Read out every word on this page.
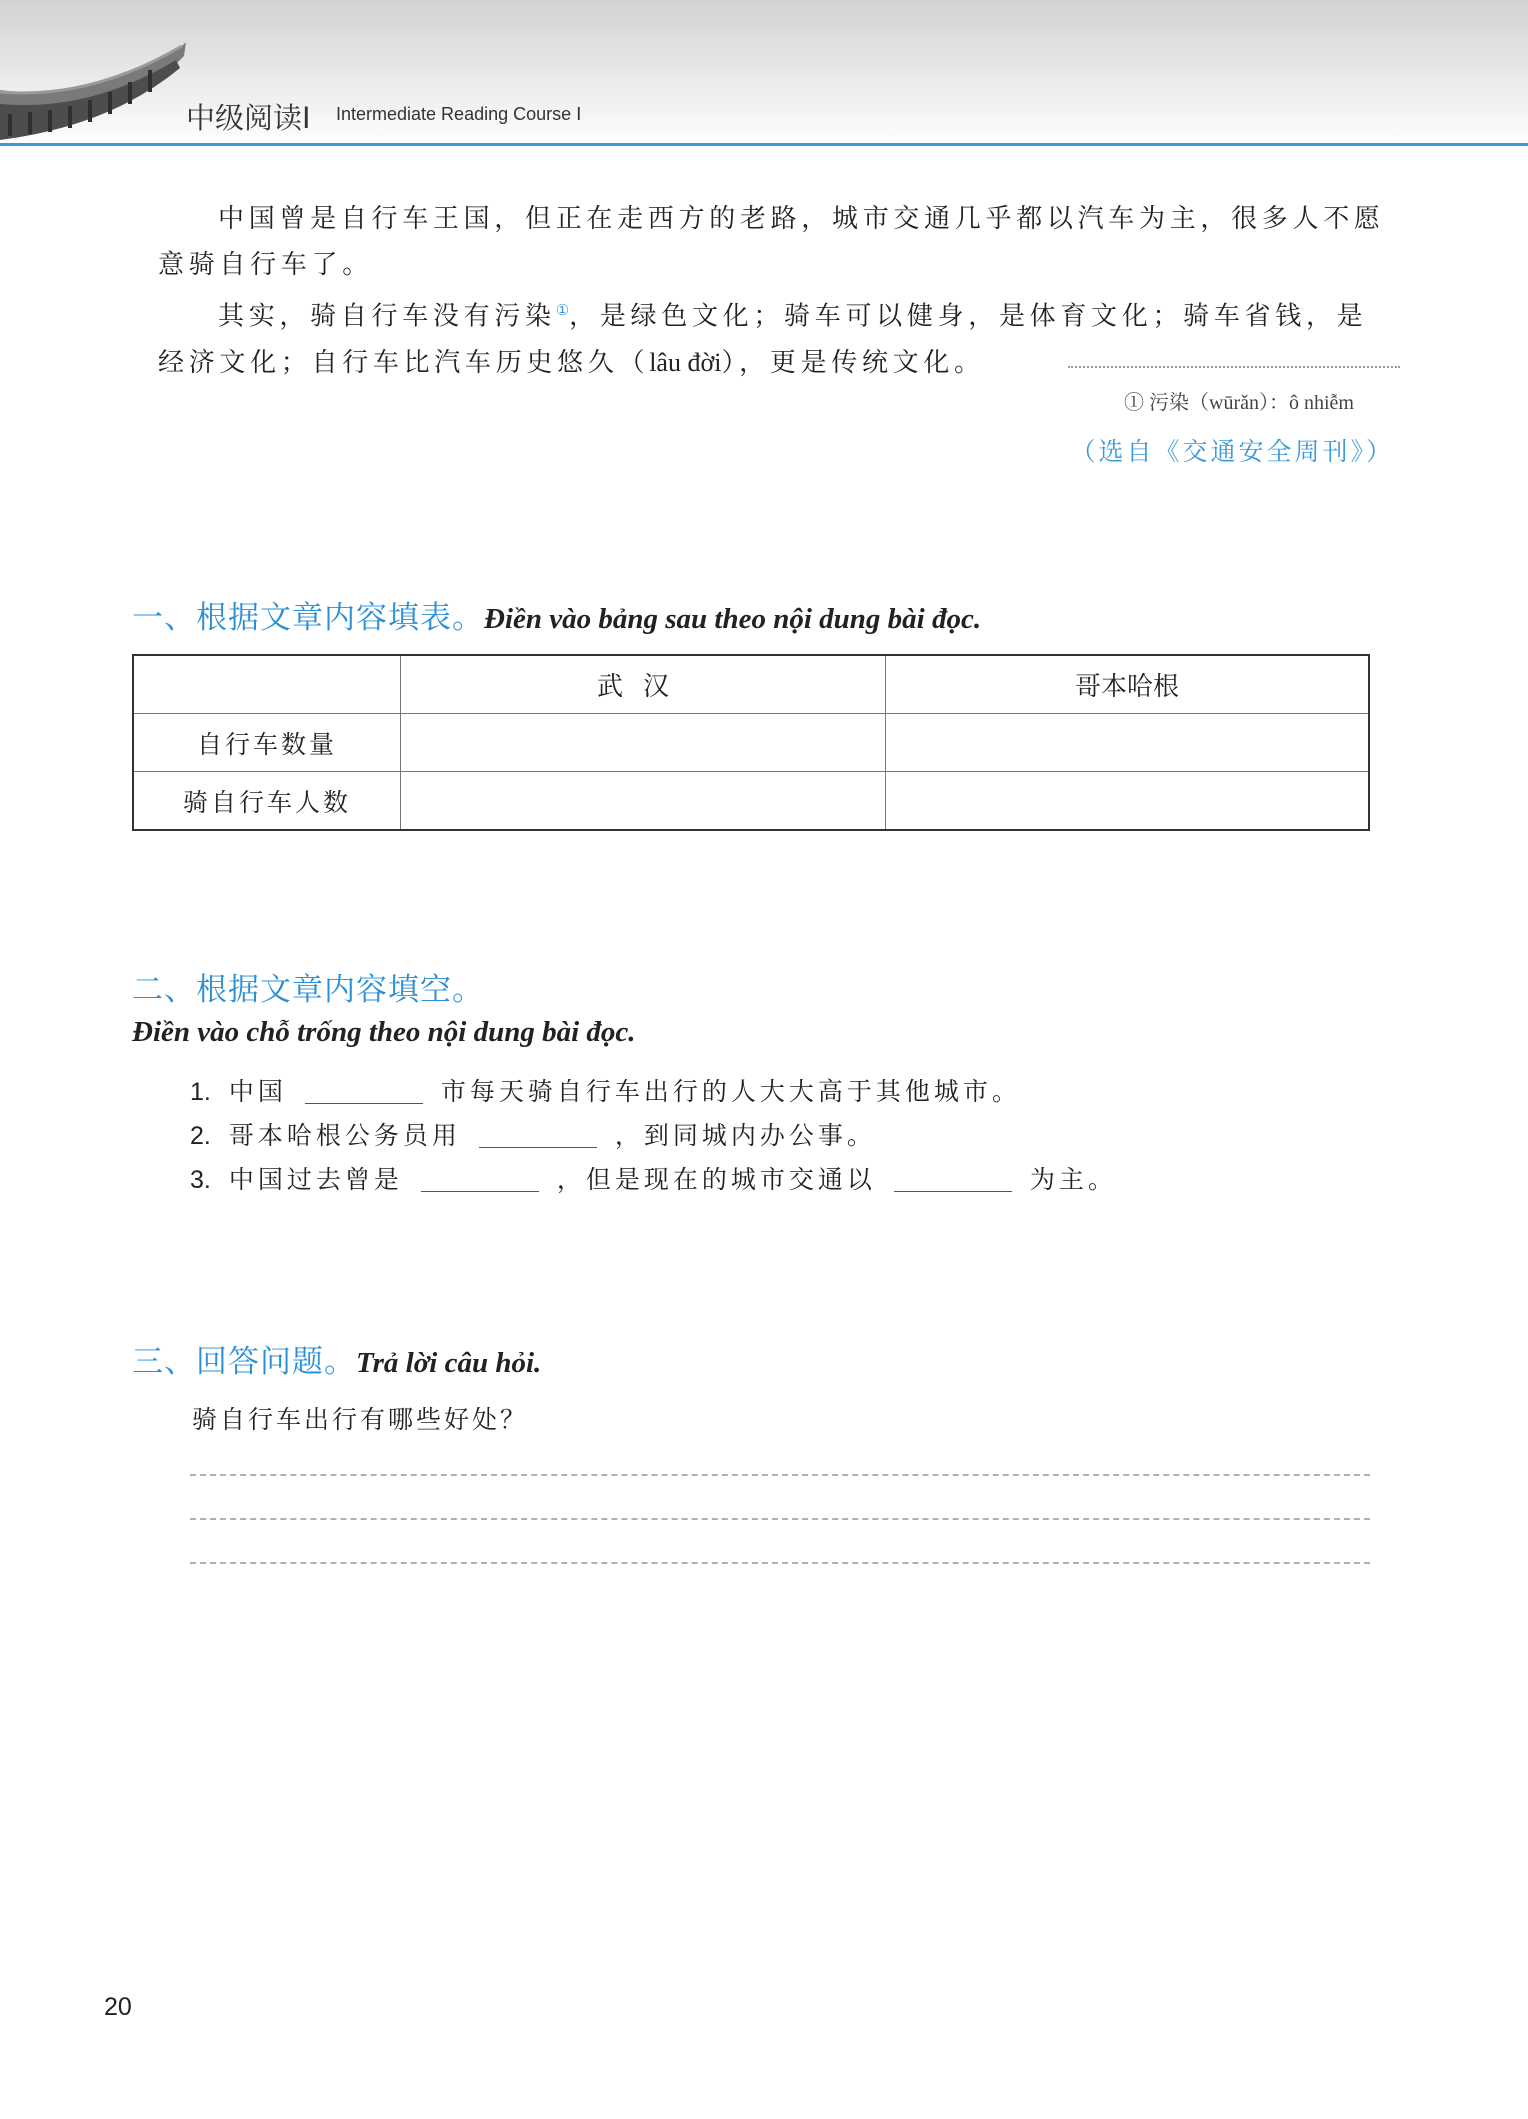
中级阅读Ⅰ Intermediate Reading Course Ⅰ

中国曾是自行车王国，但正在走西方的老路，城市交通几乎都以汽车为主，很多人不愿意骑自行车了。

其实，骑自行车没有污染①，是绿色文化；骑车可以健身，是体育文化；骑车省钱，是经济文化；自行车比汽车历史悠久（lâu đời），更是传统文化。

① 污染（wūrǎn）：ô nhiễm
（选自《交通安全周刊》）
一、根据文章内容填表。Điền vào bảng sau theo nội dung bài đọc.
	武汉	哥本哈根
自行车数量		
骑自行车人数		
二、根据文章内容填空。
Điền vào chỗ trống theo nội dung bài đọc.
1. 中国	市每天骑自行车出行的人大大高于其他城市。
2. 哥本哈根公务员用	，到同城内办公事。
3. 中国过去曾是	，但是现在的城市交通以	为主。
三、回答问题。Trả lời câu hỏi.
骑自行车出行有哪些好处？
20
